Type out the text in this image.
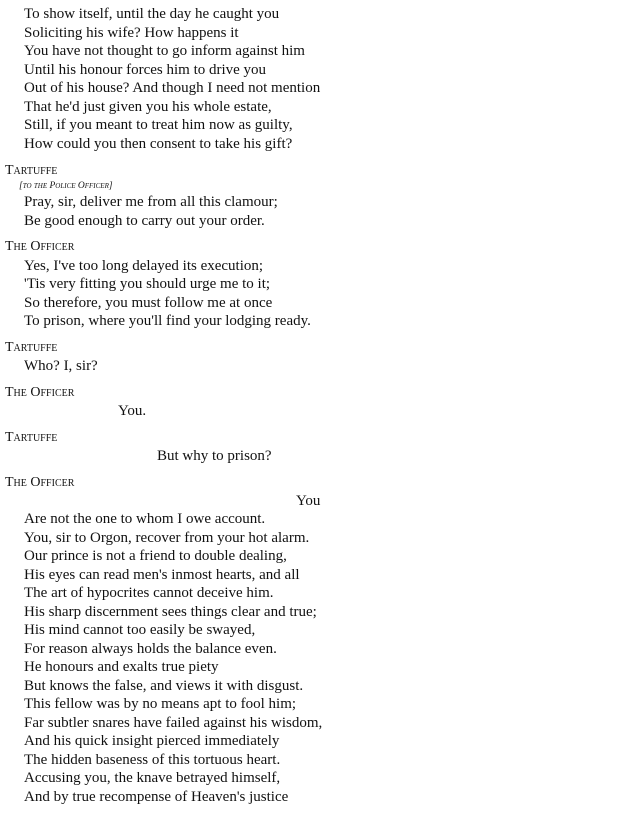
To show itself, until the day he caught you
Soliciting his wife? How happens it
You have not thought to go inform against him
Until his honour forces him to drive you
Out of his house? And though I need not mention
That he'd just given you his whole estate,
Still, if you meant to treat him now as guilty,
How could you then consent to take his gift?
Tartuffe
[to the Police Officer]
Pray, sir, deliver me from all this clamour;
Be good enough to carry out your order.
The Officer
Yes, I've too long delayed its execution;
'Tis very fitting you should urge me to it;
So therefore, you must follow me at once
To prison, where you'll find your lodging ready.
Tartuffe
Who? I, sir?
The Officer
You.
Tartuffe
But why to prison?
The Officer
You
Are not the one to whom I owe account.
You, sir to Orgon, recover from your hot alarm.
Our prince is not a friend to double dealing,
His eyes can read men's inmost hearts, and all
The art of hypocrites cannot deceive him.
His sharp discernment sees things clear and true;
His mind cannot too easily be swayed,
For reason always holds the balance even.
He honours and exalts true piety
But knows the false, and views it with disgust.
This fellow was by no means apt to fool him;
Far subtler snares have failed against his wisdom,
And his quick insight pierced immediately
The hidden baseness of this tortuous heart.
Accusing you, the knave betrayed himself,
And by true recompense of Heaven's justice
